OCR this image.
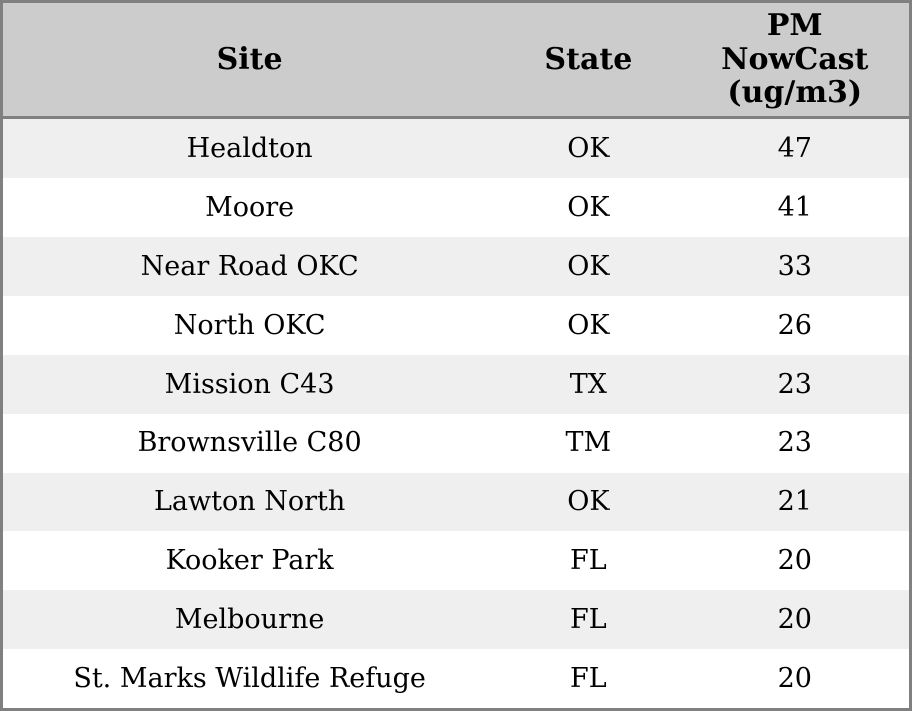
Site	State	PM
NowCast
(ug/m3)

Healdton	OK	47
Moore	OK	41
Near Road OKC	OK	33
North OKC	OK	26
Mission C43	TX	23
Brownsville C80	TM	23
Lawton North	OK	21
Kooker Park	FL	20
Melbourne	FL	20
St. Marks Wildlife Refuge	FL	20
